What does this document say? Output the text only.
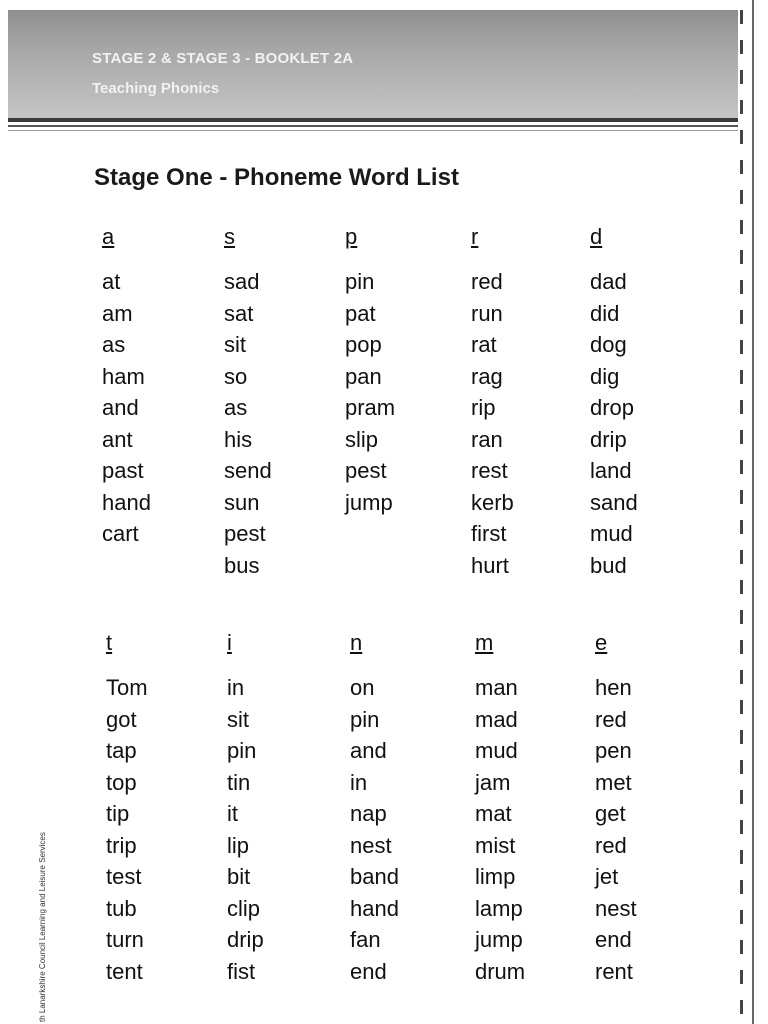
STAGE 2 & STAGE 3 - BOOKLET 2A
Teaching Phonics
Stage One - Phoneme Word List
a
at
am
as
ham
and
ant
past
hand
cart
s
sad
sat
sit
so
as
his
send
sun
pest
bus
p
pin
pat
pop
pan
pram
slip
pest
jump
r
red
run
rat
rag
rip
ran
rest
kerb
first
hurt
d
dad
did
dog
dig
drop
drip
land
sand
mud
bud
t
Tom
got
tap
top
tip
trip
test
tub
turn
tent
i
in
sit
pin
tin
it
lip
bit
clip
drip
fist
n
on
pin
and
in
nap
nest
band
hand
fan
end
m
man
mad
mud
jam
mat
mist
limp
lamp
jump
drum
e
hen
red
pen
met
get
red
jet
nest
end
rent
th Lanarkshire Council Learning and Leisure Services
